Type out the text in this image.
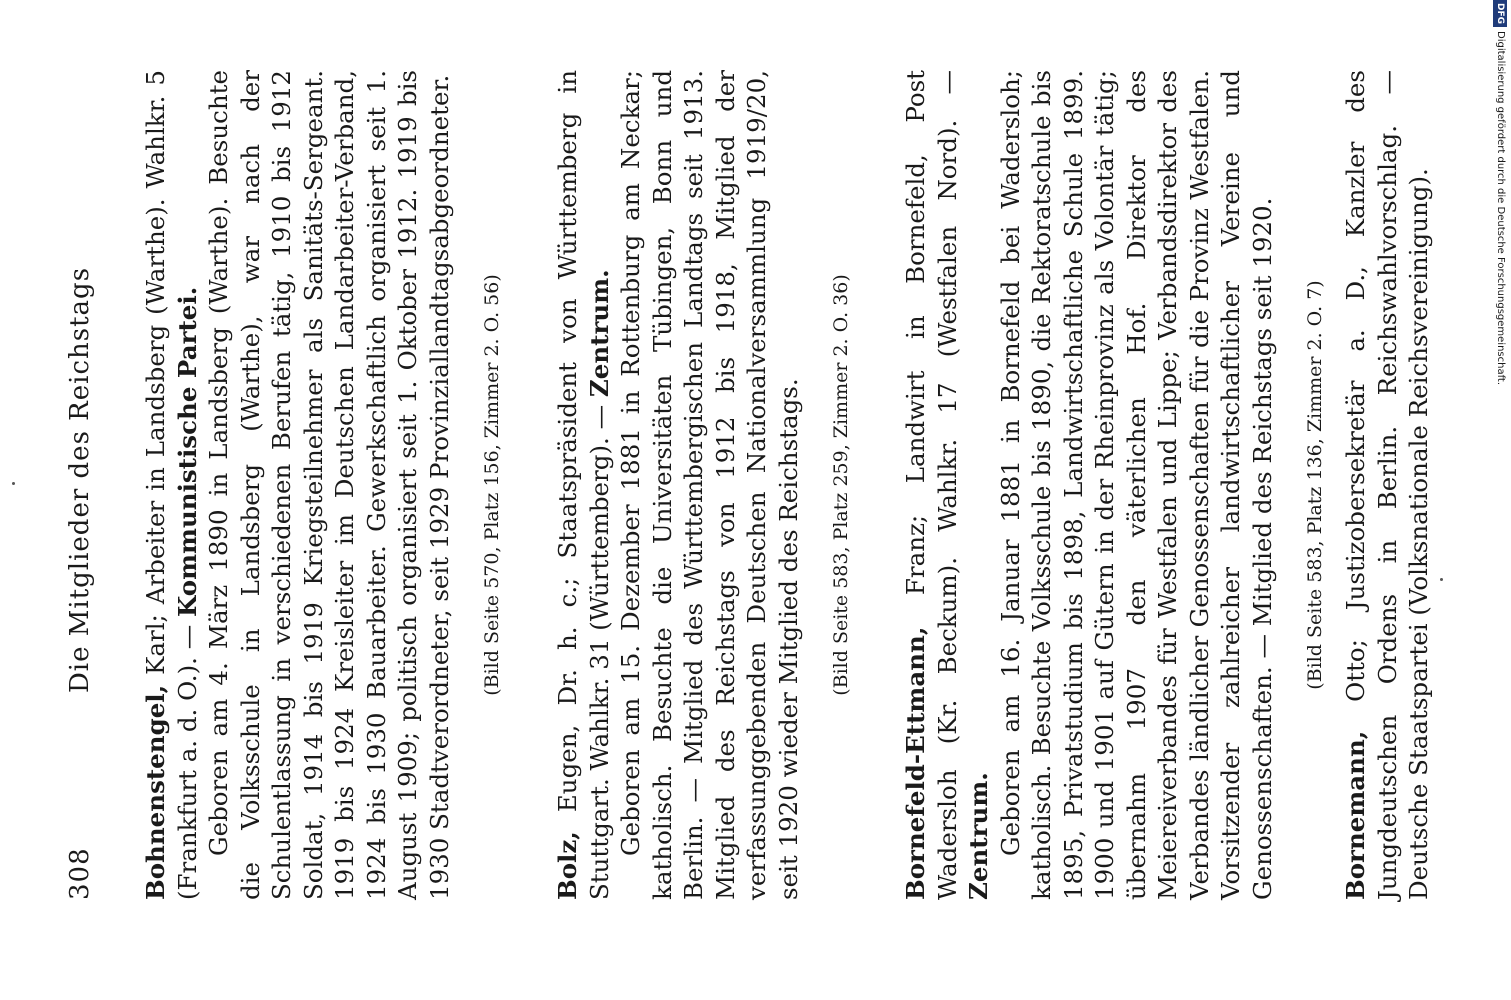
308
Die Mitglieder des Reichstags

Bohnenstengel, Karl; Arbeiter in Landsberg (Warthe). Wahlkr. 5 (Frankfurt a. d. O.). — Kommunistische Partei. Geboren am 4. März 1890 in Landsberg (Warthe). Besuchte die Volksschule in Landsberg (Warthe), war nach der Schulentlassung in verschiedenen Berufen tätig, 1910 bis 1912 Soldat, 1914 bis 1919 Kriegsteilnehmer als Sanitäts-Sergeant. 1919 bis 1924 Kreisleiter im Deutschen Landarbeiter-Verband, 1924 bis 1930 Bauarbeiter. Gewerkschaftlich organisiert seit 1. August 1909; politisch organisiert seit 1. Oktober 1912. 1919 bis 1930 Stadtverordneter, seit 1929 Provinziallandtagsabgeordneter. (Bild Seite 570, Platz 156, Zimmer 2. O. 56)

Bolz, Eugen, Dr. h. c.; Staatspräsident von Württemberg in Stuttgart. Wahlkr. 31 (Württemberg). — Zentrum. Geboren am 15. Dezember 1881 in Rottenburg am Neckar; katholisch. Besuchte die Universitäten Tübingen, Bonn und Berlin. — Mitglied des Württembergischen Landtags seit 1913. Mitglied des Reichstags von 1912 bis 1918, Mitglied der verfassunggebenden Deutschen Nationalversammlung 1919/20, seit 1920 wieder Mitglied des Reichstags. (Bild Seite 583, Platz 259, Zimmer 2. O. 36)

Bornefeld-Ettmann, Franz; Landwirt in Bornefeld, Post Wadersloh (Kr. Beckum). Wahlkr. 17 (Westfalen Nord). — Zentrum. Geboren am 16. Januar 1881 in Bornefeld bei Wadersloh; katholisch. Besuchte Volksschule bis 1890, die Rektoratschule bis 1895, Privatstudium bis 1898, Landwirtschaftliche Schule 1899. 1900 und 1901 auf Gütern in der Rheinprovinz als Volontär tätig; übernahm 1907 den väterlichen Hof. Direktor des Meiereiverbandes für Westfalen und Lippe; Verbandsdirektor des Verbandes ländlicher Genossenschaften für die Provinz Westfalen. Vorsitzender zahlreicher landwirtschaftlicher Vereine und Genossenschaften. — Mitglied des Reichstags seit 1920. (Bild Seite 583, Platz 136, Zimmer 2. O. 7)

Bornemann, Otto; Justizobersekretär a. D., Kanzler des Jungdeutschen Ordens in Berlin. Reichswahlvorschlag. — Deutsche Staatspartei (Volksnationale Reichsvereinigung).

DFGDigitalisierung gefördert durch die Deutsche Forschungsgemeinschaft.
